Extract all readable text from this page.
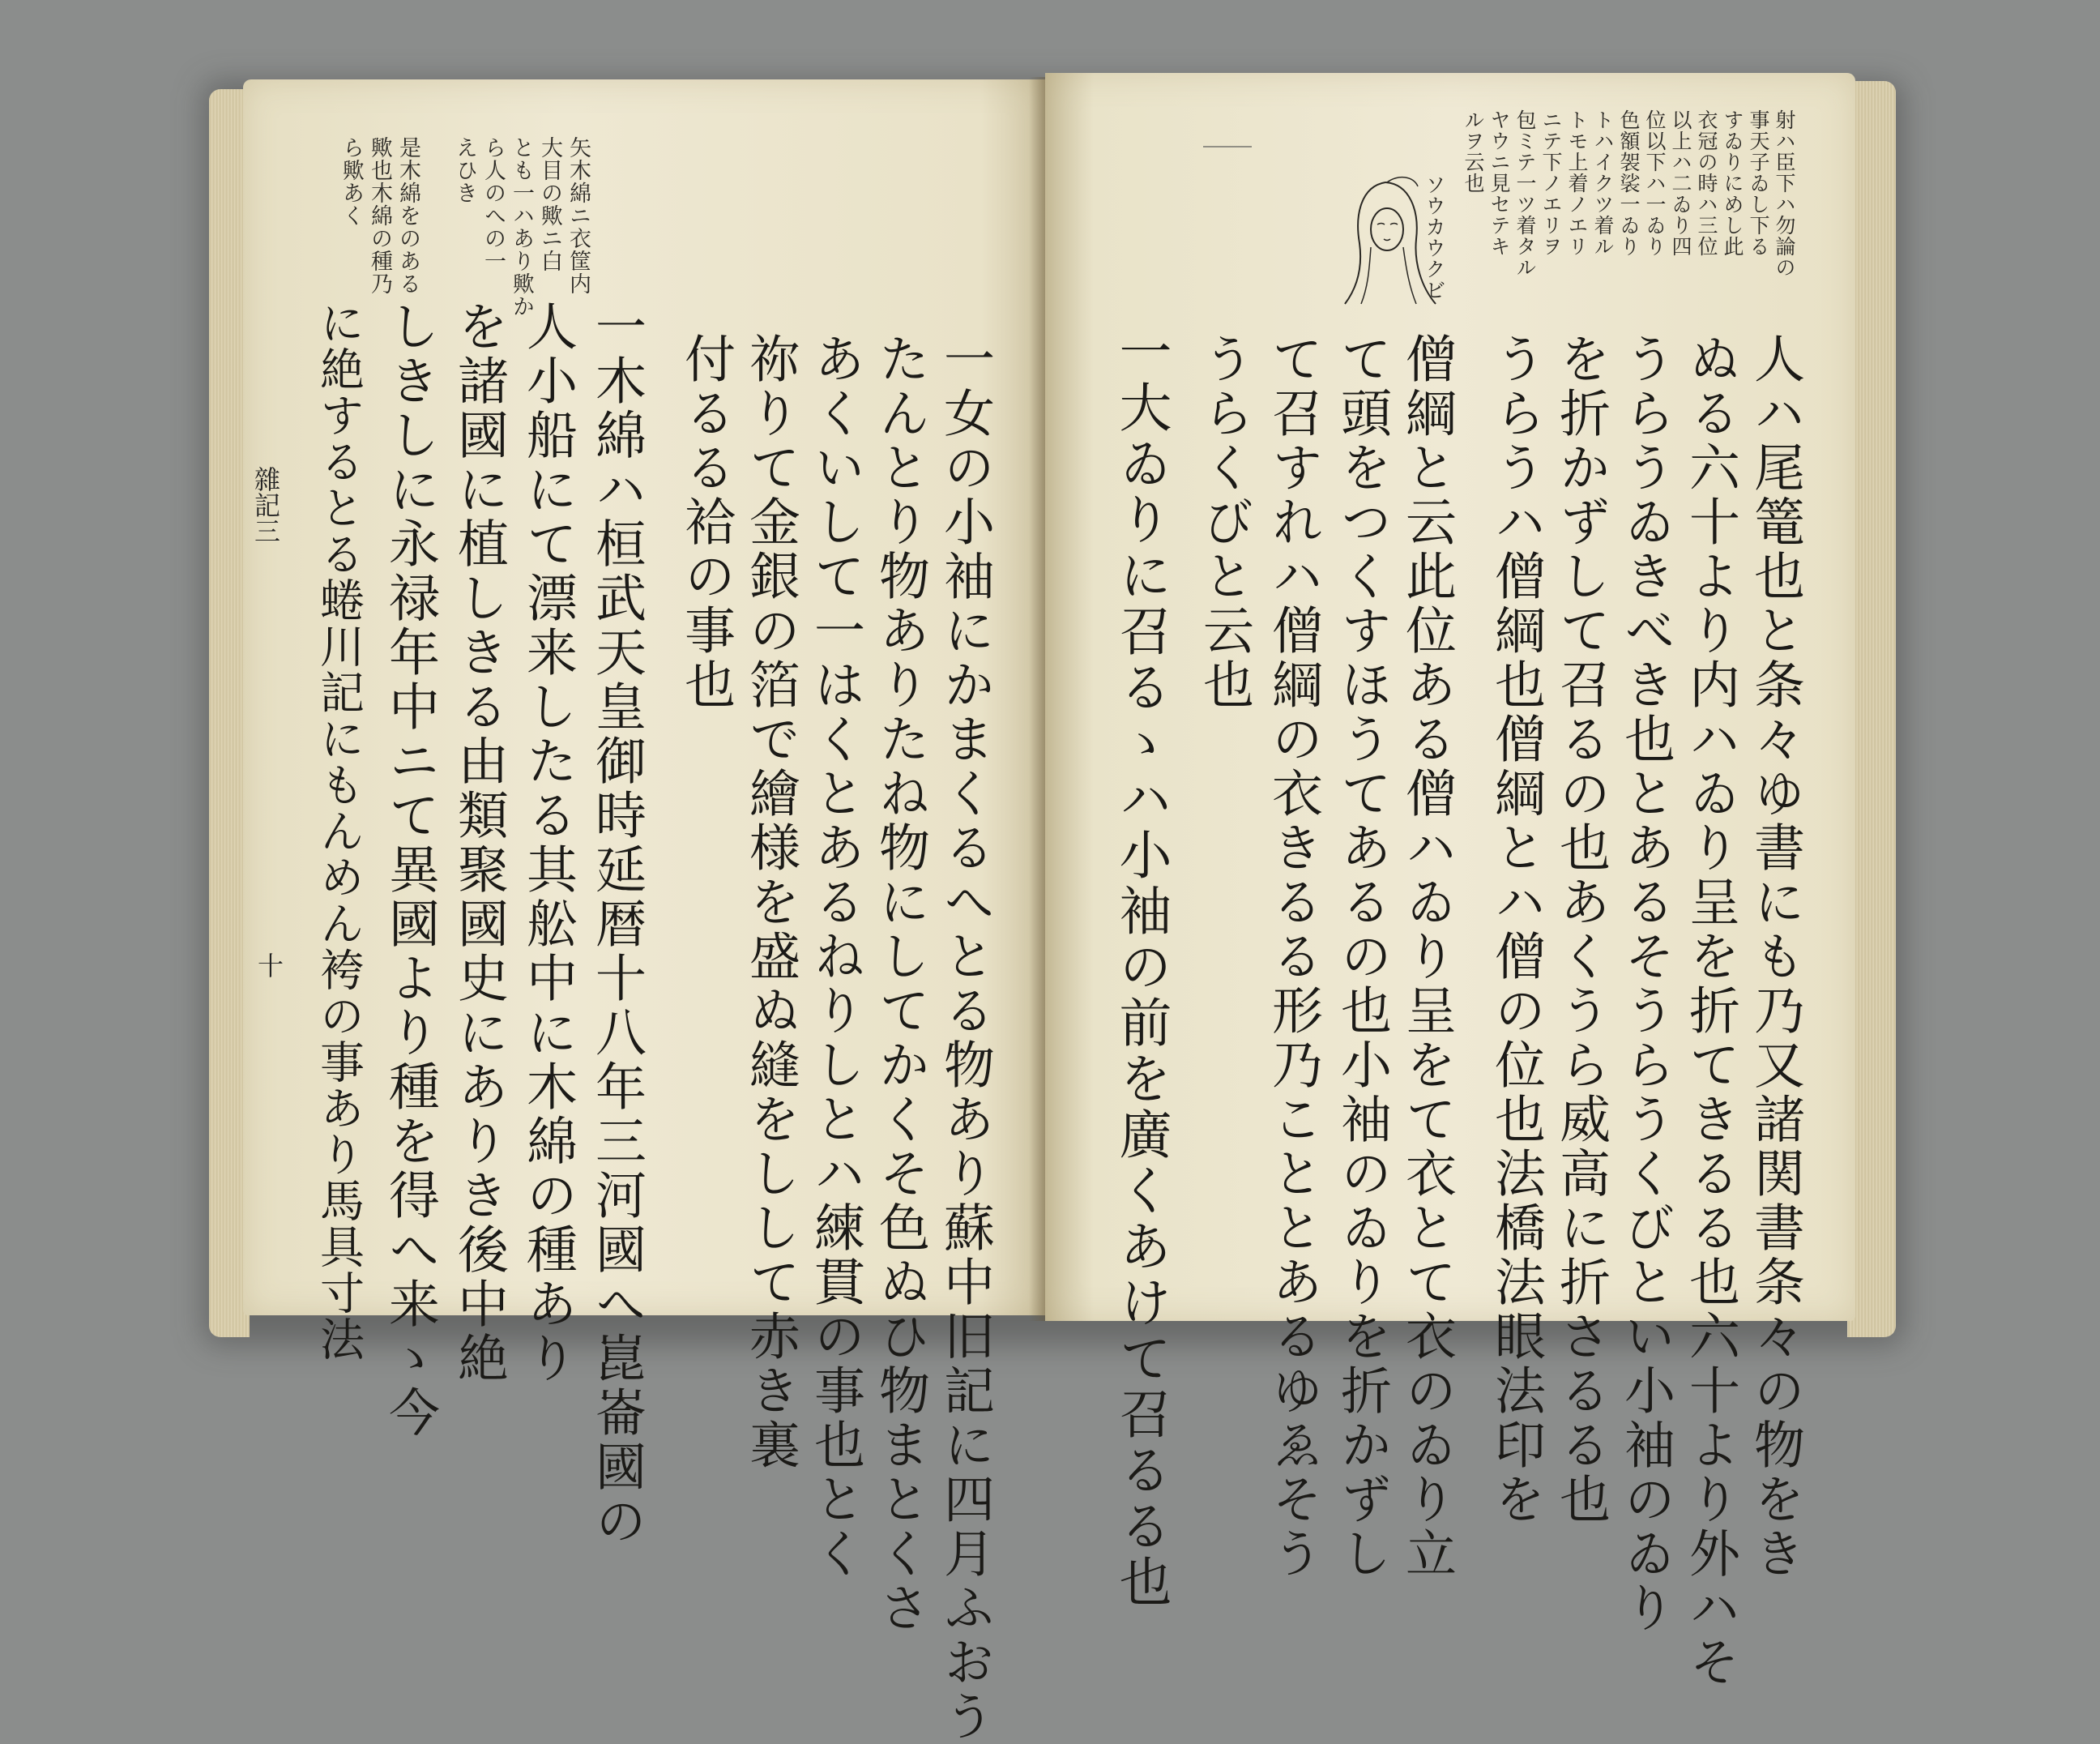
雜記三
十
矢木綿ニ衣筐内
大目の歟ニ白
とも一ハあり歟か
ら人のへの一
えひき
是木綿をのある
歟也木綿の種乃
ら歟あく
一女の小袖にかまくるへとる物あり蘇中旧記に四月ふおう
たんとり物ありたね物にしてかくそ色ぬひ物まとくさ
あくいして一はくとあるねりしとハ練貫の事也とく
祢りて金銀の箔で繪様を盛ぬ縫をしして赤き裏
付るる袷の事也
一木綿ハ桓武天皇御時延暦十八年三河國へ崑崙國の
人小船にて漂来したる其舩中に木綿の種あり
を諸國に植しきる由類聚國史にありき後中絶
しきしに永禄年中ニて異國より種を得へ来ゝ今
に絶するとる蜷川記にもんめん袴の事あり馬具寸法
射ハ臣下ハ勿論の
事天子ゐし下る
すゐりにめし此
衣冠の時ハ三位
以上ハ二ゐり四
位以下ハ一ゐり
色額袈裟一ゐり
トハイクツ着ル
トモ上着ノエリ
ニテ下ノエリヲ
包ミテ一ツ着タル
ヤウニ見セテキ
ルヲ云也
ソウカウクビ
人ハ尾篭也と条々ゆ書にも乃又諸関書条々の物をき
ぬる六十より内ハゐり呈を折てきるる也六十より外ハそ
うらうゐきべき也とあるそうらうくびとい小袖のゐり
を折かずして召るの也あくうら威高に折さるる也
うらうハ僧綱也僧綱とハ僧の位也法橋法眼法印を
僧綱と云此位ある僧ハゐり呈をて衣とて衣のゐり立
て頭をつくすほうてあるの也小袖のゐりを折かずし
て召すれハ僧綱の衣きるる形乃こととあるゆゑそう
うらくびと云也
一大ゐりに召るゝハ小袖の前を廣くあけて召るる也
